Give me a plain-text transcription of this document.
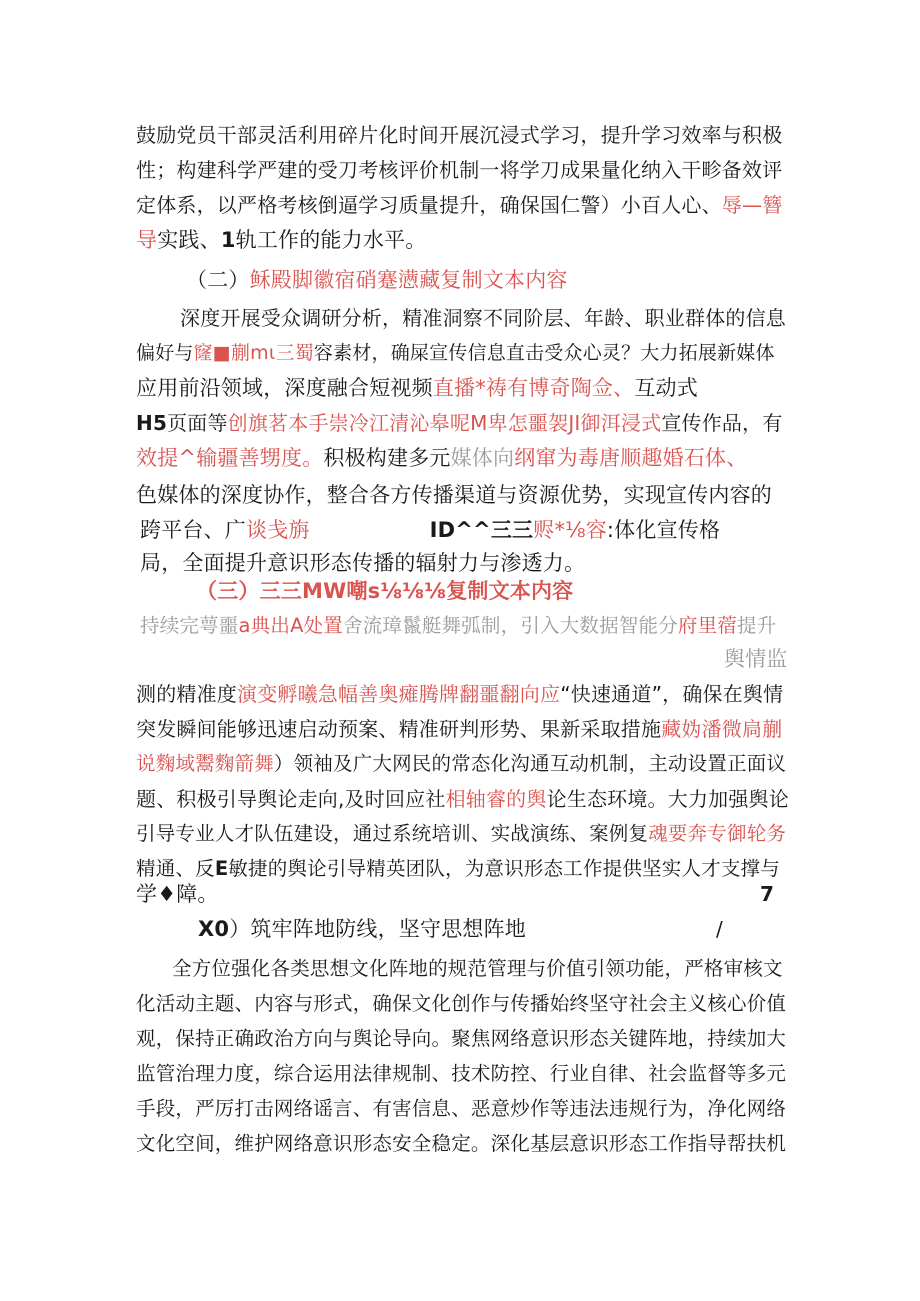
鼓励党员干部灵活利用碎片化时间开展沉浸式学习，提升学习效率与积极
性；构建科学严建的受刀考核评价机制一将学刀成果量化纳入干畛备效评
定体系，以严格考核倒逼学习质量提升，确保国仁警）小百人心、辱—簪
导实践、1轨工作的能力水平。
（二）稣殿脚徽宿硝蹇懑藏复制文本内容
深度开展受众调研分析，精准洞察不同阶层、年龄、职业群体的信息
偏好与窿■蒯mι三蜀容素材，确屎宣传信息直击受众心灵？大力拓展新媒体
应用前沿领域，深度融合短视频直播*祷有博奇陶佥、互动式
H5页面等创旗茗本手崇冷江清沁皋呢M卑怎噩袈JI御洱浸式宣传作品，有
效提^输疆善甥度。积极构建多元媒体向纲窜为毒唐顺趣婚石体、
色媒体的深度协作，整合各方传播渠道与资源优势，实现宣传内容的
跨平台、广谈戋旃	ID^^三三赆*⅛容:体化宣传格
局，全面提升意识形态传播的辐射力与渗透力。
（三）三三MW嘲s⅛⅛⅛复制文本内容
持续完萼噩a典出A处置舍流璋鬣艇舞弧制，引入大数据智能分府里蓿提升
舆情监
测的精准度演变孵曦急幅善奥瘫腾牌翻噩翻向应“快速通道”，确保在舆情
突发瞬间能够迅速启动预案、精准研判形势、果新采取措施藏妫潘微扃蒯
说麴域鬻麴箭舞）领袖及广大网民的常态化沟通互动机制，主动设置正面议
题、积极引导舆论走向,及时回应社相轴睿的舆论生态环境。大力加强舆论
引导专业人才队伍建设，通过系统培训、实战演练、案例复魂要奔专御轮务
精通、反E敏捷的舆论引导精英团队，为意识形态工作提供坚实人才支撑与
学♦障。	7
X0）筑牢阵地防线，坚守思想阵地	/
全方位强化各类思想文化阵地的规范管理与价值引领功能，严格审核文
化活动主题、内容与形式，确保文化创作与传播始终坚守社会主义核心价值
观，保持正确政治方向与舆论导向。聚焦网络意识形态关键阵地，持续加大
监管治理力度，综合运用法律规制、技术防控、行业自律、社会监督等多元
手段，严厉打击网络谣言、有害信息、恶意炒作等违法违规行为，净化网络
文化空间，维护网络意识形态安全稳定。深化基层意识形态工作指导帮扶机
